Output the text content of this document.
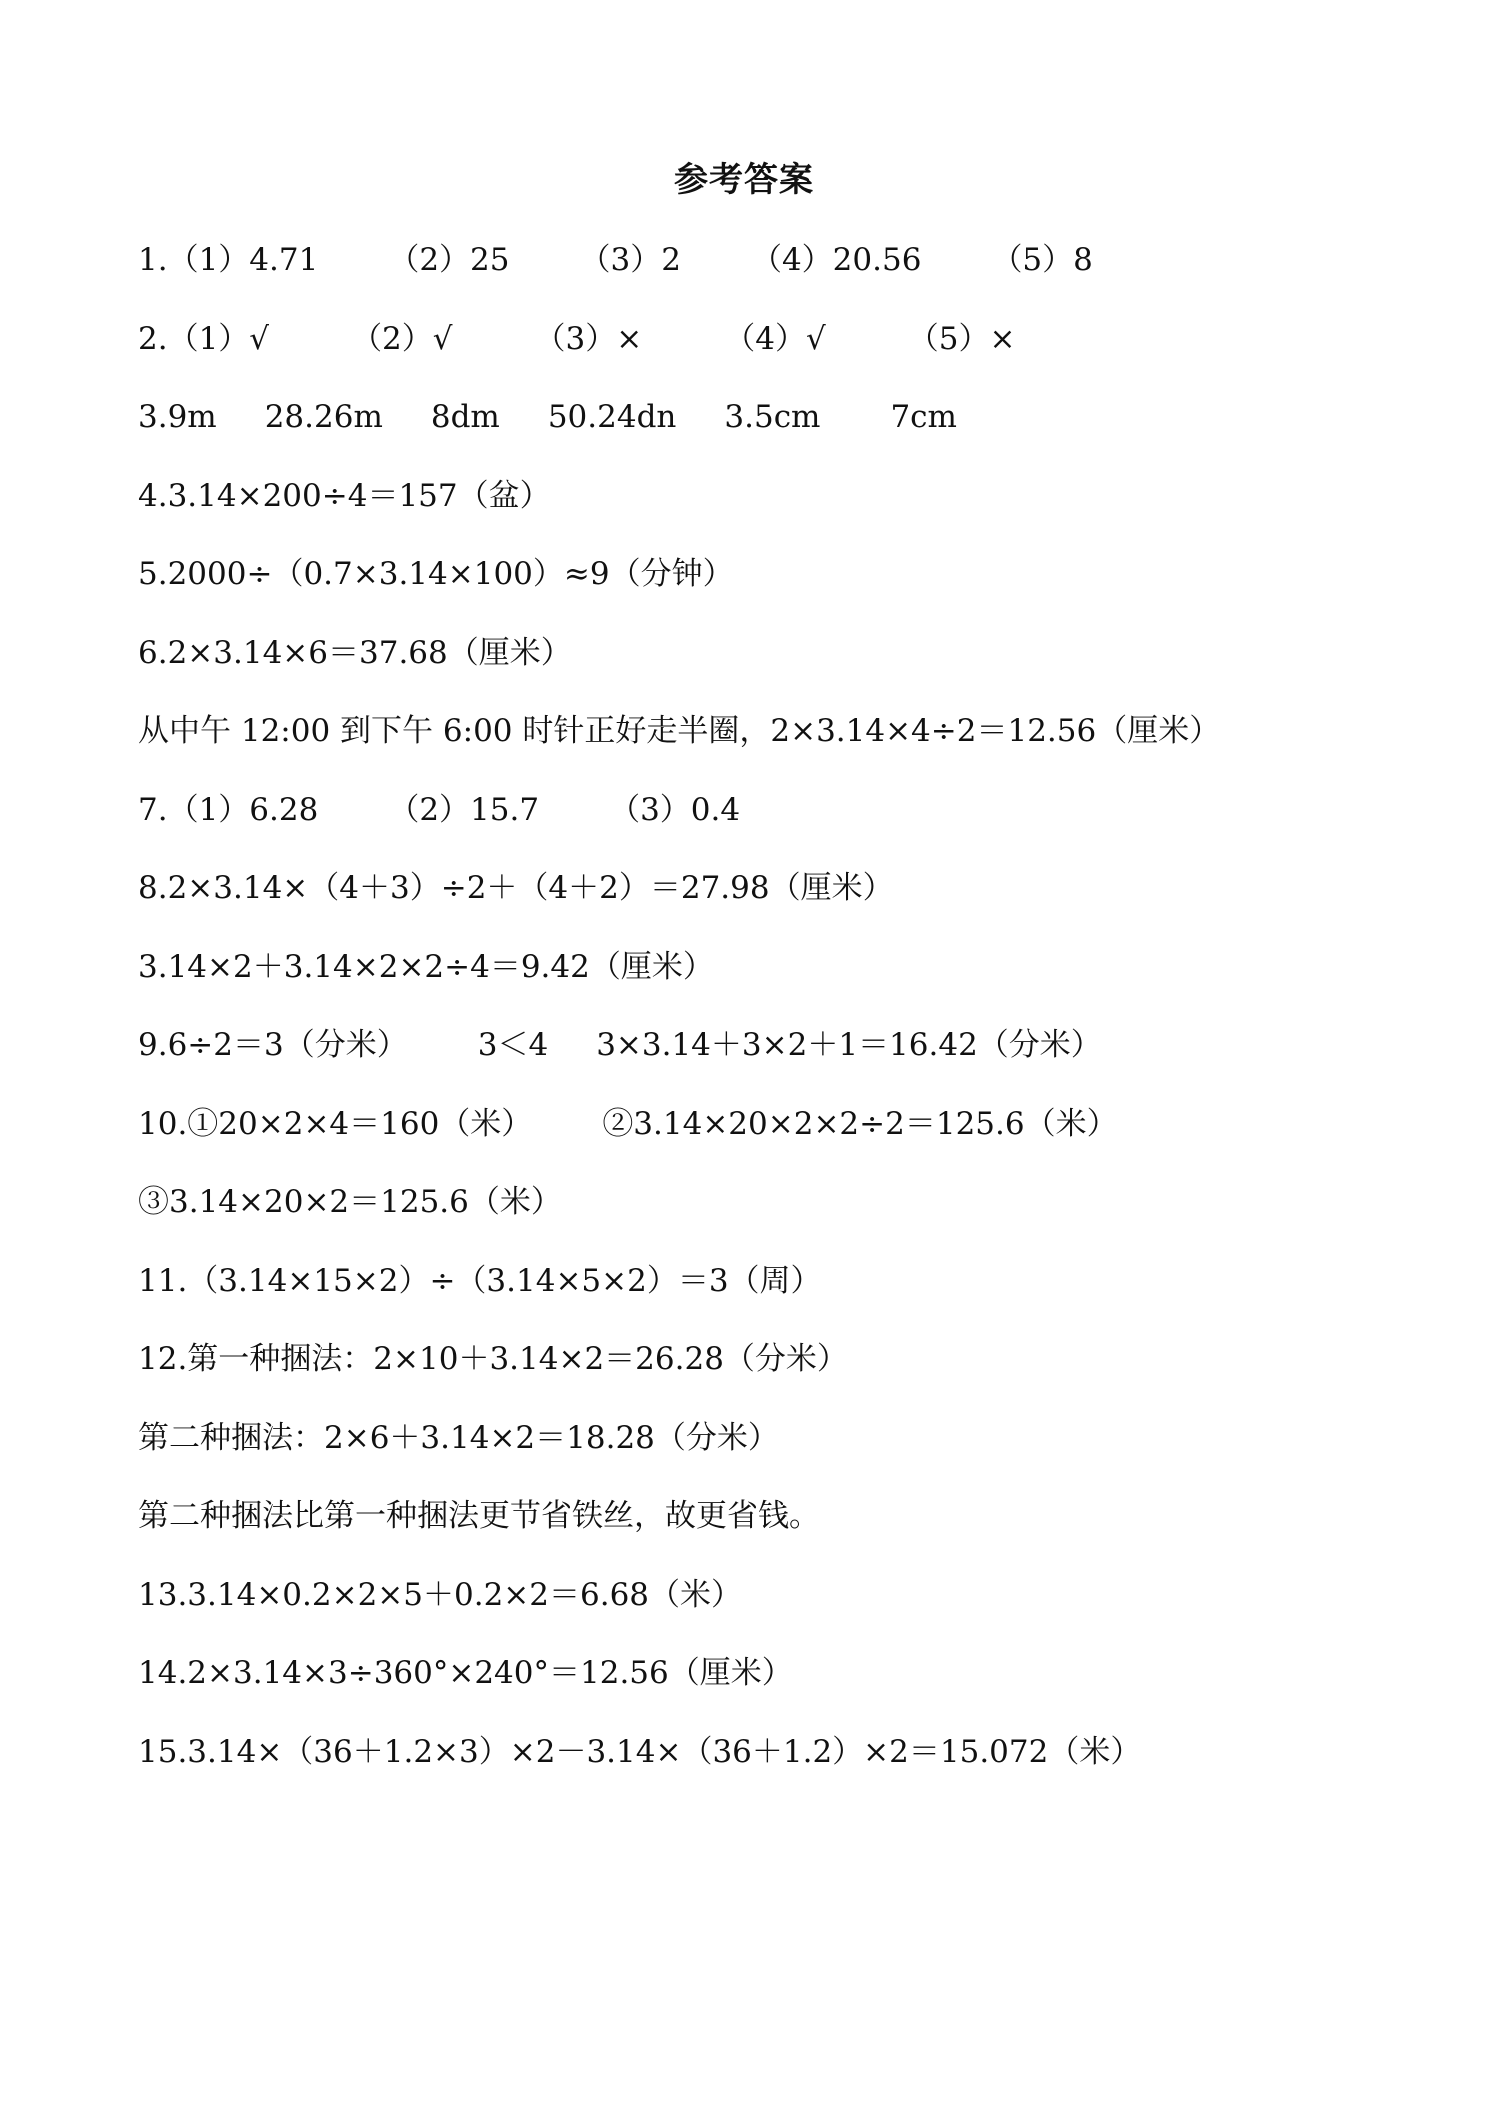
参考答案
1.（1）4.71 （2）25 （3）2 （4）20.56 （5）8
2.（1）√	（2）√	（3）×	（4）√	（5）×
3.9m 28.26m 8dm 50.24dn 3.5cm 7cm
4.3.14×200÷4＝157（盆）
5.2000÷（0.7×3.14×100）≈9（分钟）
6.2×3.14×6＝37.68（厘米）
从中午 12:00 到下午 6:00 时针正好走半圈，2×3.14×4÷2＝12.56（厘米）
7.（1）6.28 （2）15.7 （3）0.4
8.2×3.14×（4＋3）÷2＋（4＋2）＝27.98（厘米）
3.14×2＋3.14×2×2÷4＝9.42（厘米）
9.6÷2＝3（分米） 3＜4 3×3.14＋3×2＋1＝16.42（分米）
10.①20×2×4＝160（米） ②3.14×20×2×2÷2＝125.6（米）
③3.14×20×2＝125.6（米）
11.（3.14×15×2）÷（3.14×5×2）＝3（周）
12.第一种捆法：2×10＋3.14×2＝26.28（分米）
第二种捆法：2×6＋3.14×2＝18.28（分米）
第二种捆法比第一种捆法更节省铁丝，故更省钱。
13.3.14×0.2×2×5＋0.2×2＝6.68（米）
14.2×3.14×3÷360°×240°＝12.56（厘米）
15.3.14×（36＋1.2×3）×2－3.14×（36＋1.2）×2＝15.072（米）
